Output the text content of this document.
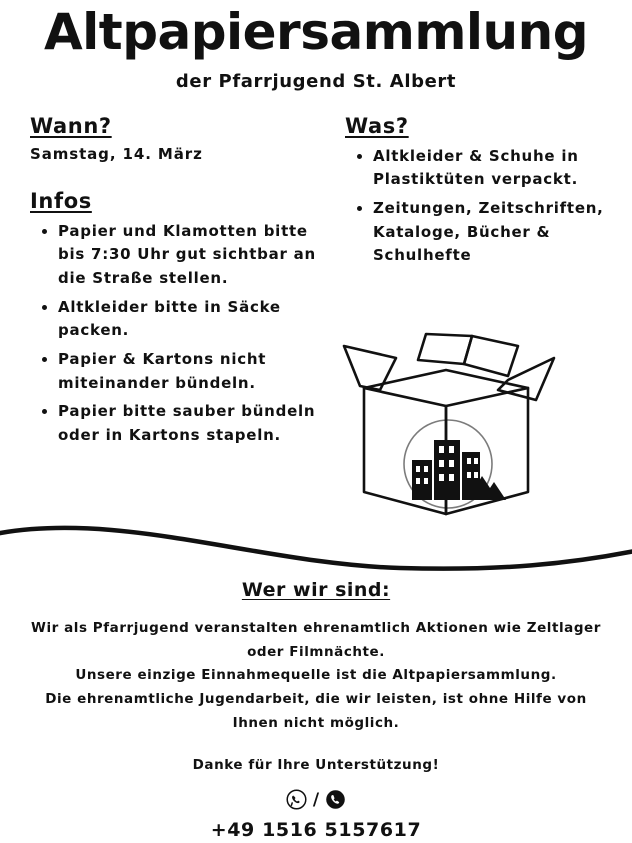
Altpapiersammlung
der Pfarrjugend St. Albert
Wann?

Samstag, 14. März

Infos
Papier und Klamotten bitte bis 7:30 Uhr gut sichtbar an die Straße stellen.
Altkleider bitte in Säcke packen.
Papier & Kartons nicht miteinander bündeln.
Papier bitte sauber bündeln oder in Kartons stapeln.
Was?
Altkleider & Schuhe in Plastiktüten verpackt.
Zeitungen, Zeitschriften, Kataloge, Bücher & Schulhefte
Wer wir sind:

Wir als Pfarrjugend veranstalten ehrenamtlich Aktionen wie Zeltlager oder Filmnächte.

Unsere einzige Einnahmequelle ist die Altpapiersammlung.

Die ehrenamtliche Jugendarbeit, die wir leisten, ist ohne Hilfe von Ihnen nicht möglich.

Danke für Ihre Unterstützung!
/
+49 1516 5157617
